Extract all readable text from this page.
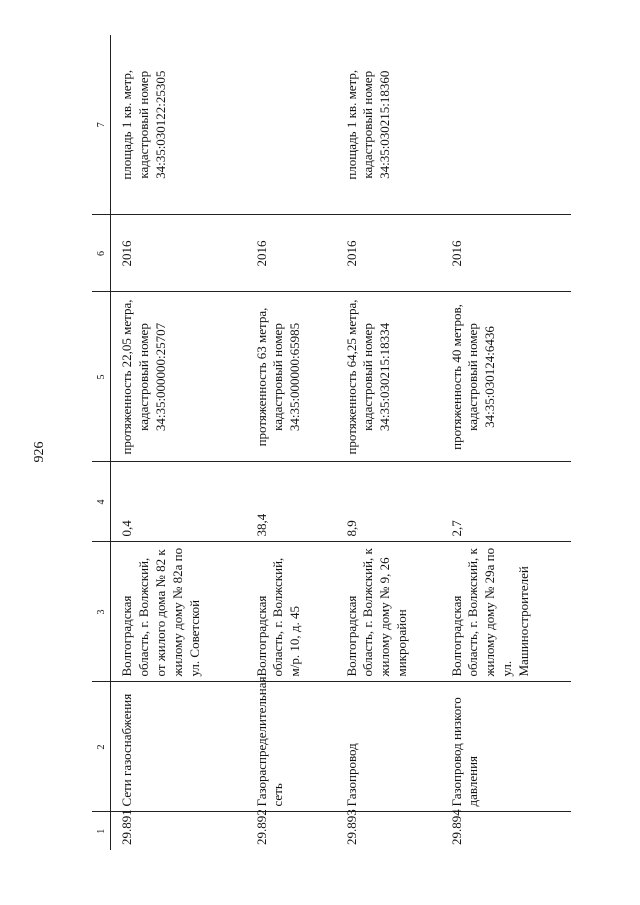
926
1	2	3	4	5	6	7
29.891	Сети газоснабжения	Волгоградская область, г. Волжский, от жилого дома № 82 к жилому дому № 82а по ул. Советской	0,4	протяженность 22,05 метра, кадастровый номер 34:35:000000:25707	2016	площадь 1 кв. метр, кадастровый номер 34:35:030122:25305
29.892	Газораспределительная сеть	Волгоградская область, г. Волжский, м/р. 10, д. 45	38,4	протяженность 63 метра, кадастровый номер 34:35:000000:65985	2016	
29.893	Газопровод	Волгоградская область, г. Волжский, к жилому дому № 9, 26 микрорайон	8,9	протяженность 64,25 метра, кадастровый номер 34:35:030215:18334	2016	площадь 1 кв. метр, кадастровый номер 34:35:030215:18360
29.894	Газопровод низкого давления	Волгоградская область, г. Волжский, к жилому дому № 29а по ул. Машиностроителей	2,7	протяженность 40 метров, кадастровый номер 34:35:030124:6436	2016	
